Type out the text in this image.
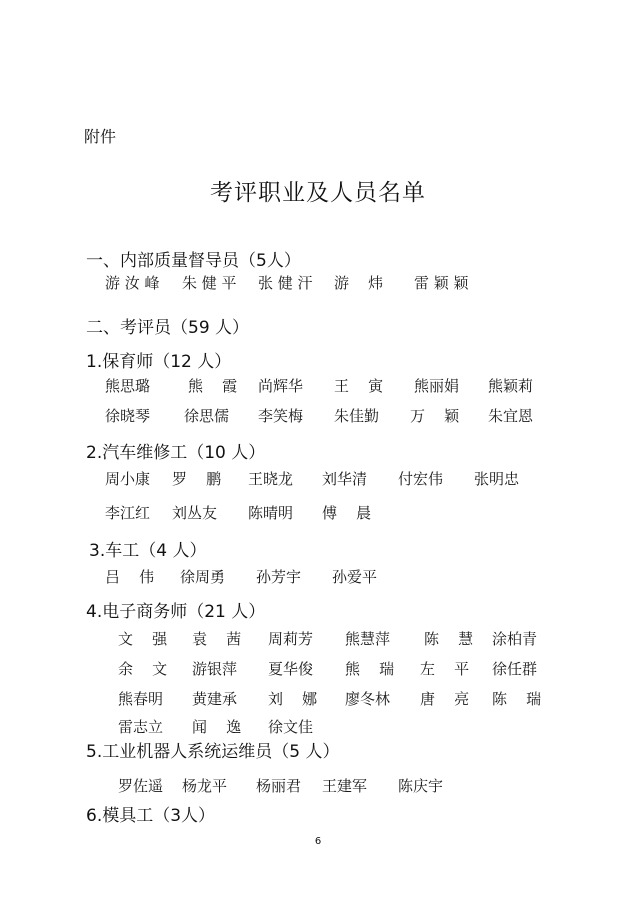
附件
考评职业及人员名单
一、内部质量督导员（5人）
游 汝 峰 朱 健 平 张 健 汗 游    炜 雷 颖 颖
二、考评员（59 人）
1.保育师（12 人）
熊思璐	熊    霞 尚辉华 王    寅 熊丽娟 熊颖莉
徐晓琴 徐思儒 李笑梅 朱佳勤 万    颖 朱宜恩
2.汽车维修工（10 人）
周小康 罗    鹏 王晓龙 刘华清 付宏伟 张明忠
李江红 刘丛友 陈晴明 傅    晨
3.车工（4 人）
吕    伟 徐周勇 孙芳宇 孙爱平
4.电子商务师（21 人）
文    强 袁    茜 周莉芳 熊慧萍 陈    慧 涂柏青
余    文 游银萍 夏华俊 熊    瑞 左    平 徐任群
熊春明 黄建承 刘    娜 廖冬林 唐    亮 陈    瑞
雷志立 闻    逸 徐文佳
5.工业机器人系统运维员（5 人）
罗佐遥 杨龙平 杨丽君 王建军 陈庆宇
6.模具工（3人）
6
